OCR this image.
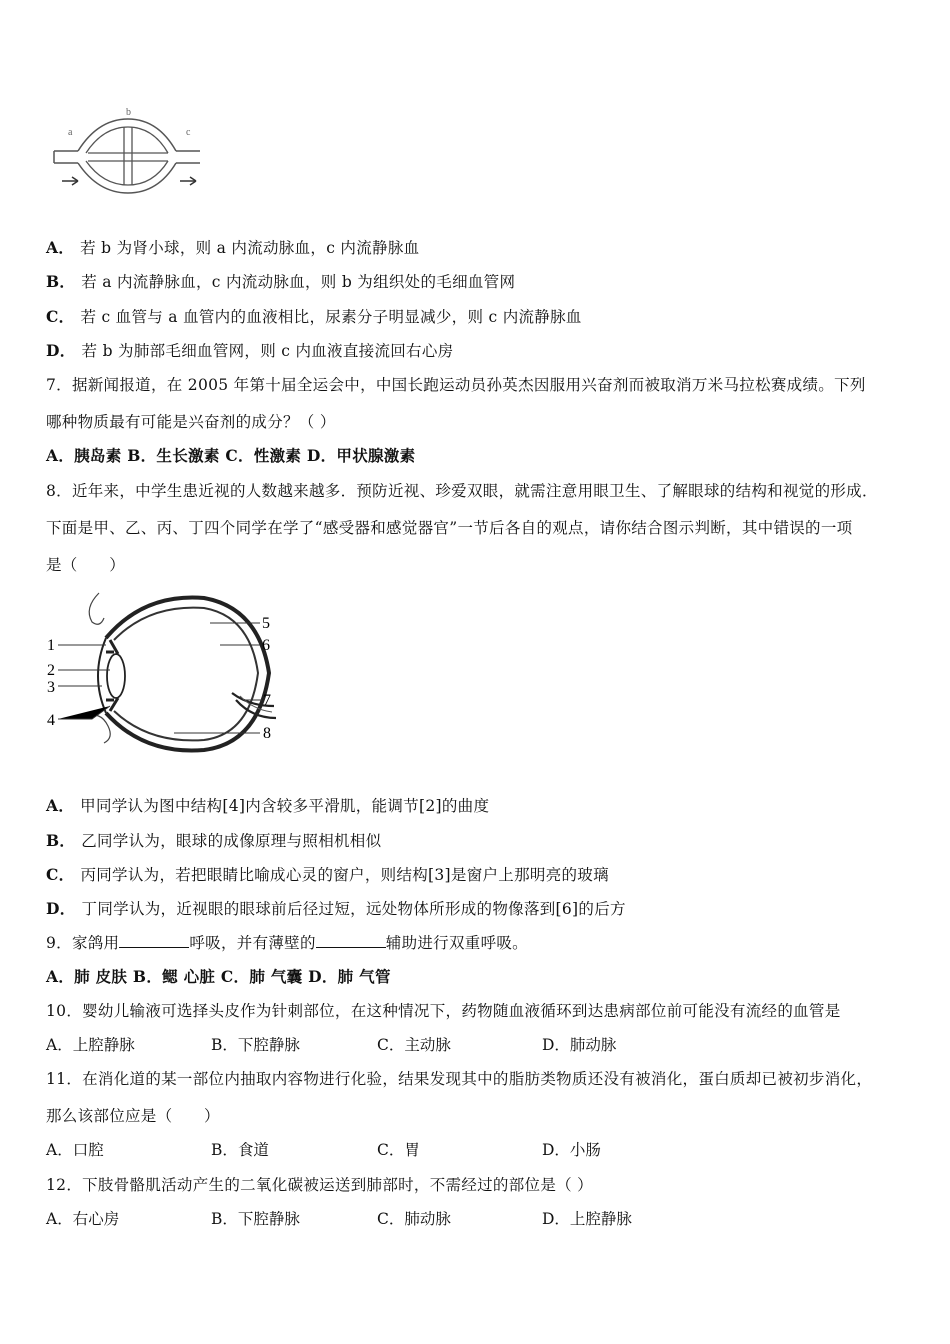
a
b
c
A． 若 b 为肾小球，则 a 内流动脉血，c 内流静脉血
B． 若 a 内流静脉血，c 内流动脉血，则 b 为组织处的毛细血管网
C． 若 c 血管与 a 血管内的血液相比，尿素分子明显减少，则 c 内流静脉血
D． 若 b 为肺部毛细血管网，则 c 内血液直接流回右心房
7．据新闻报道，在 2005 年第十届全运会中，中国长跑运动员孙英杰因服用兴奋剂而被取消万米马拉松赛成绩。下列
哪种物质最有可能是兴奋剂的成分？（ ）
A．胰岛素 B．生长激素 C．性激素 D．甲状腺激素
8．近年来，中学生患近视的人数越来越多．预防近视、珍爱双眼，就需注意用眼卫生、了解眼球的结构和视觉的形成．
下面是甲、乙、丙、丁四个同学在学了“感受器和感觉器官”一节后各自的观点，请你结合图示判断，其中错误的一项
是（　　）
1
2
3
4
5
6
7
8
A． 甲同学认为图中结构[4]内含较多平滑肌，能调节[2]的曲度
B． 乙同学认为，眼球的成像原理与照相机相似
C． 丙同学认为，若把眼睛比喻成心灵的窗户，则结构[3]是窗户上那明亮的玻璃
D． 丁同学认为，近视眼的眼球前后径过短，远处物体所形成的物像落到[6]的后方
9．家鸽用	呼吸，并有薄壁的	辅助进行双重呼吸。
A．肺 皮肤 B．鳃 心脏 C．肺 气囊 D．肺 气管
10．婴幼儿输液可选择头皮作为针刺部位，在这种情况下，药物随血液循环到达患病部位前可能没有流经的血管是
A．上腔静脉	B．下腔静脉	C．主动脉	D．肺动脉
11．在消化道的某一部位内抽取内容物进行化验，结果发现其中的脂肪类物质还没有被消化，蛋白质却已被初步消化，
那么该部位应是（　　）
A．口腔	B．食道	C．胃	D．小肠
12．下肢骨骼肌活动产生的二氧化碳被运送到肺部时，不需经过的部位是（ ）
A．右心房	B．下腔静脉	C．肺动脉	D．上腔静脉
